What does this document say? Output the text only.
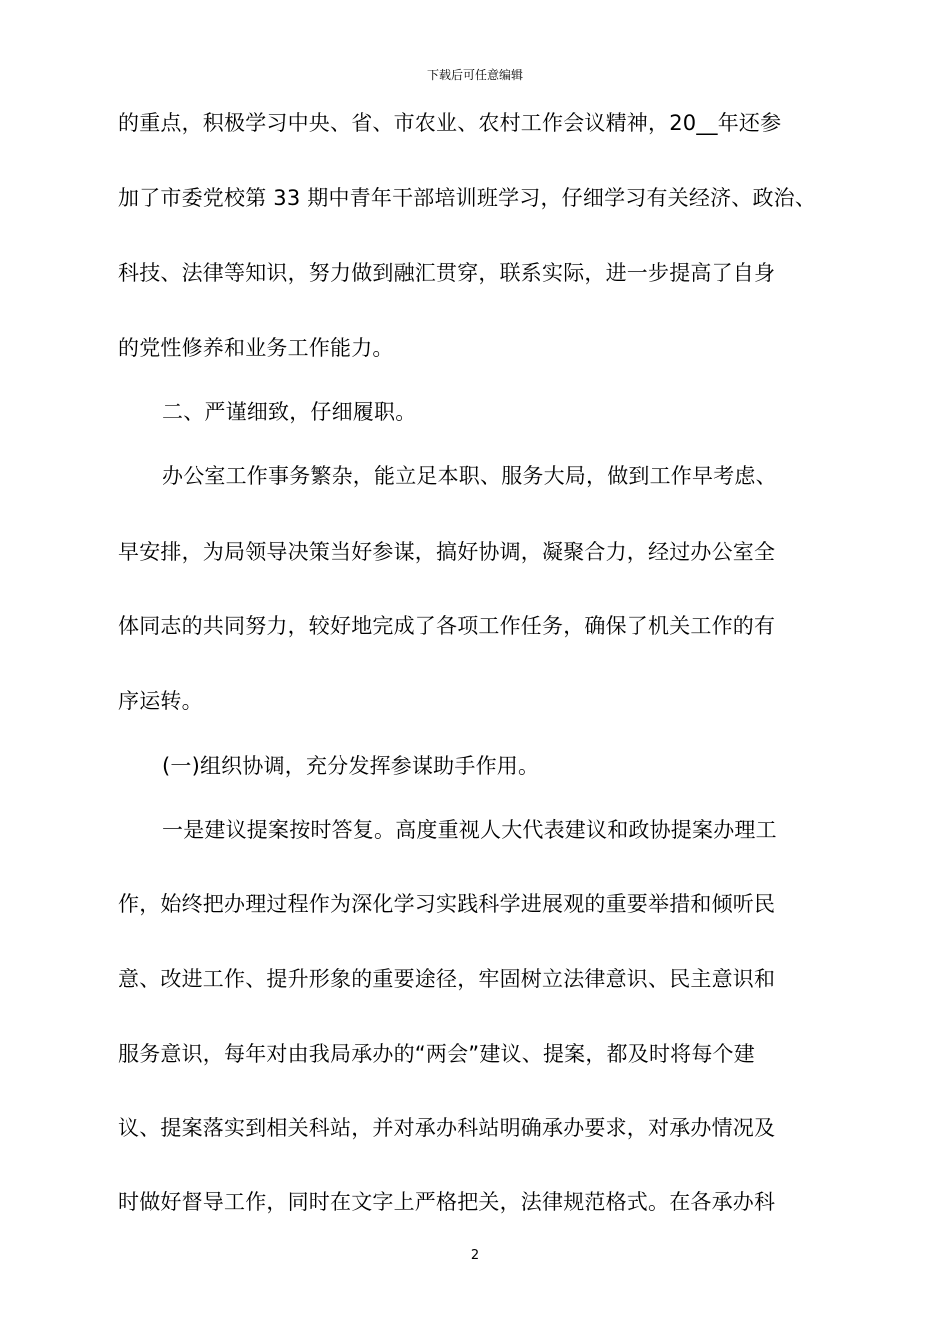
下载后可任意编辑
的重点，积极学习中央、省、市农业、农村工作会议精神，20__年还参
加了市委党校第 33 期中青年干部培训班学习，仔细学习有关经济、政治、
科技、法律等知识，努力做到融汇贯穿，联系实际，进一步提高了自身
的党性修养和业务工作能力。
二、严谨细致，仔细履职。
办公室工作事务繁杂，能立足本职、服务大局，做到工作早考虑、
早安排，为局领导决策当好参谋，搞好协调，凝聚合力，经过办公室全
体同志的共同努力，较好地完成了各项工作任务，确保了机关工作的有
序运转。
(一)组织协调，充分发挥参谋助手作用。
一是建议提案按时答复。高度重视人大代表建议和政协提案办理工
作，始终把办理过程作为深化学习实践科学进展观的重要举措和倾听民
意、改进工作、提升形象的重要途径，牢固树立法律意识、民主意识和
服务意识，每年对由我局承办的“两会”建议、提案，都及时将每个建
议、提案落实到相关科站，并对承办科站明确承办要求，对承办情况及
时做好督导工作，同时在文字上严格把关，法律规范格式。在各承办科
2
